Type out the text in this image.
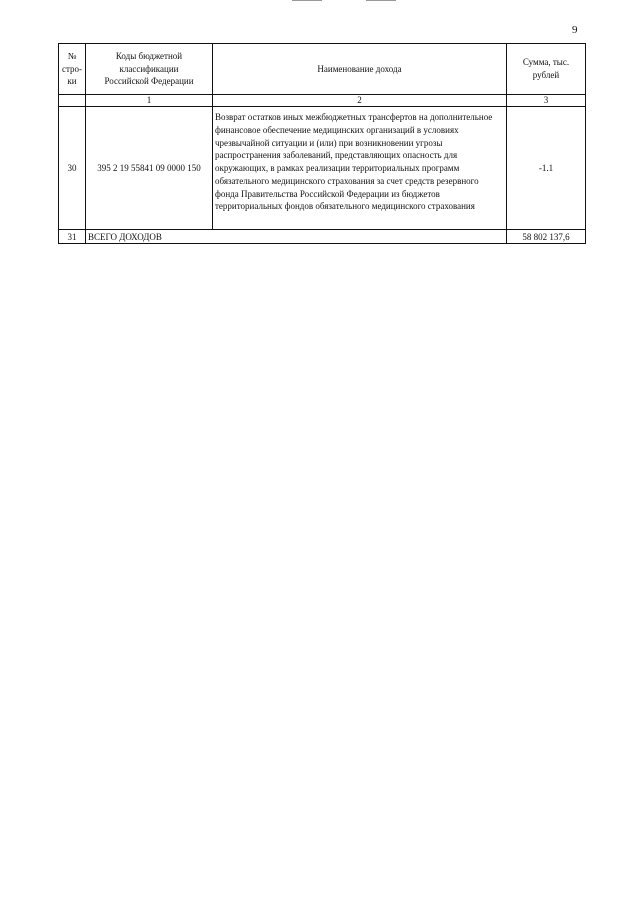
9
№
стро-
ки	Коды бюджетной
классификации
Российской Федерации	Наименование дохода	Сумма, тыс. рублей
	1	2	3
30	395 2 19 55841 09 0000 150	Возврат остатков иных межбюджетных трансфертов на дополнительное финансовое обеспечение медицинских организаций в условиях чрезвычайной ситуации и (или) при возникновении угрозы распространения заболеваний, представляющих опасность для окружающих, в рамках реализации территориальных программ обязательного медицинского страхования за счет средств резервного фонда Правительства Российской Федерации из бюджетов территориальных фондов обязательного медицинского страхования	-1.1
31	ВСЕГО ДОХОДОВ		58 802 137,6
